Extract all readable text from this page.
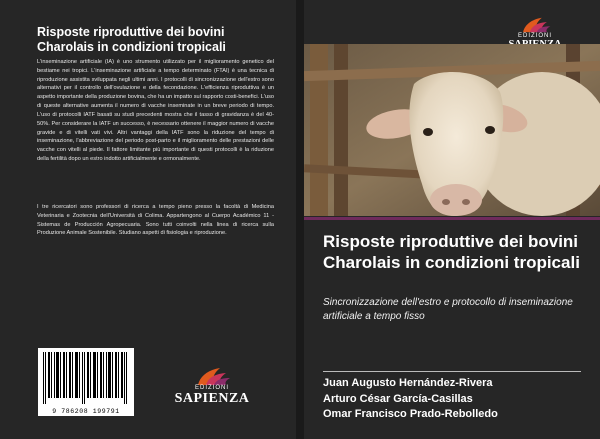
Risposte riproduttive dei bovini Charolais in condizioni tropicali

L'inseminazione artificiale (IA) è uno strumento utilizzato per il miglioramento genetico del bestiame nei tropici. L'inseminazione artificiale a tempo determinato (FTAI) è una tecnica di riproduzione assistita sviluppata negli ultimi anni. I protocolli di sincronizzazione dell'estro sono alternativi per il controllo dell'ovulazione e della fecondazione. L'efficienza riproduttiva è un aspetto importante della produzione bovina, che ha un impatto sul rapporto costi-benefici. L'uso di queste alternative aumenta il numero di vacche inseminate in un breve periodo di tempo. L'uso di protocolli IATF basati su studi precedenti mostra che il tasso di gravidanza è del 40-50%. Per considerare la IATF un successo, è necessario ottenere il maggior numero di vacche gravide e di vitelli vati vivi. Altri vantaggi della IATF sono la riduzione del tempo di inseminazione, l'abbreviazione del periodo post-parto e il miglioramento delle prestazioni delle vacche con vitelli al piede. Il fattore limitante più importante di questi protocolli è la riduzione della fertilità dopo un estro indotto artificialmente e ormonalmente.

I tre ricercatori sono professori di ricerca a tempo pieno presso la facoltà di Medicina Veterinaria e Zootecnia dell'Università di Colima. Appartengono al Cuerpo Académico 11 - Sistemas de Producción Agropecuaria. Sono tutti coinvolti nella linea di ricerca sulla Produzione Animale Sostenibile. Studiano aspetti di fisiologia e riproduzione.

9 786208 199791
EDIZIONI
SAPIENZA
EDIZIONI
Risposte riproduttive dei bovini Charolais in condizioni tropicali

Sincronizzazione dell'estro e protocollo di inseminazione artificiale a tempo fisso

Juan Augusto Hernández-Rivera
Arturo César García-Casillas
Omar Francisco Prado-Rebolledo
